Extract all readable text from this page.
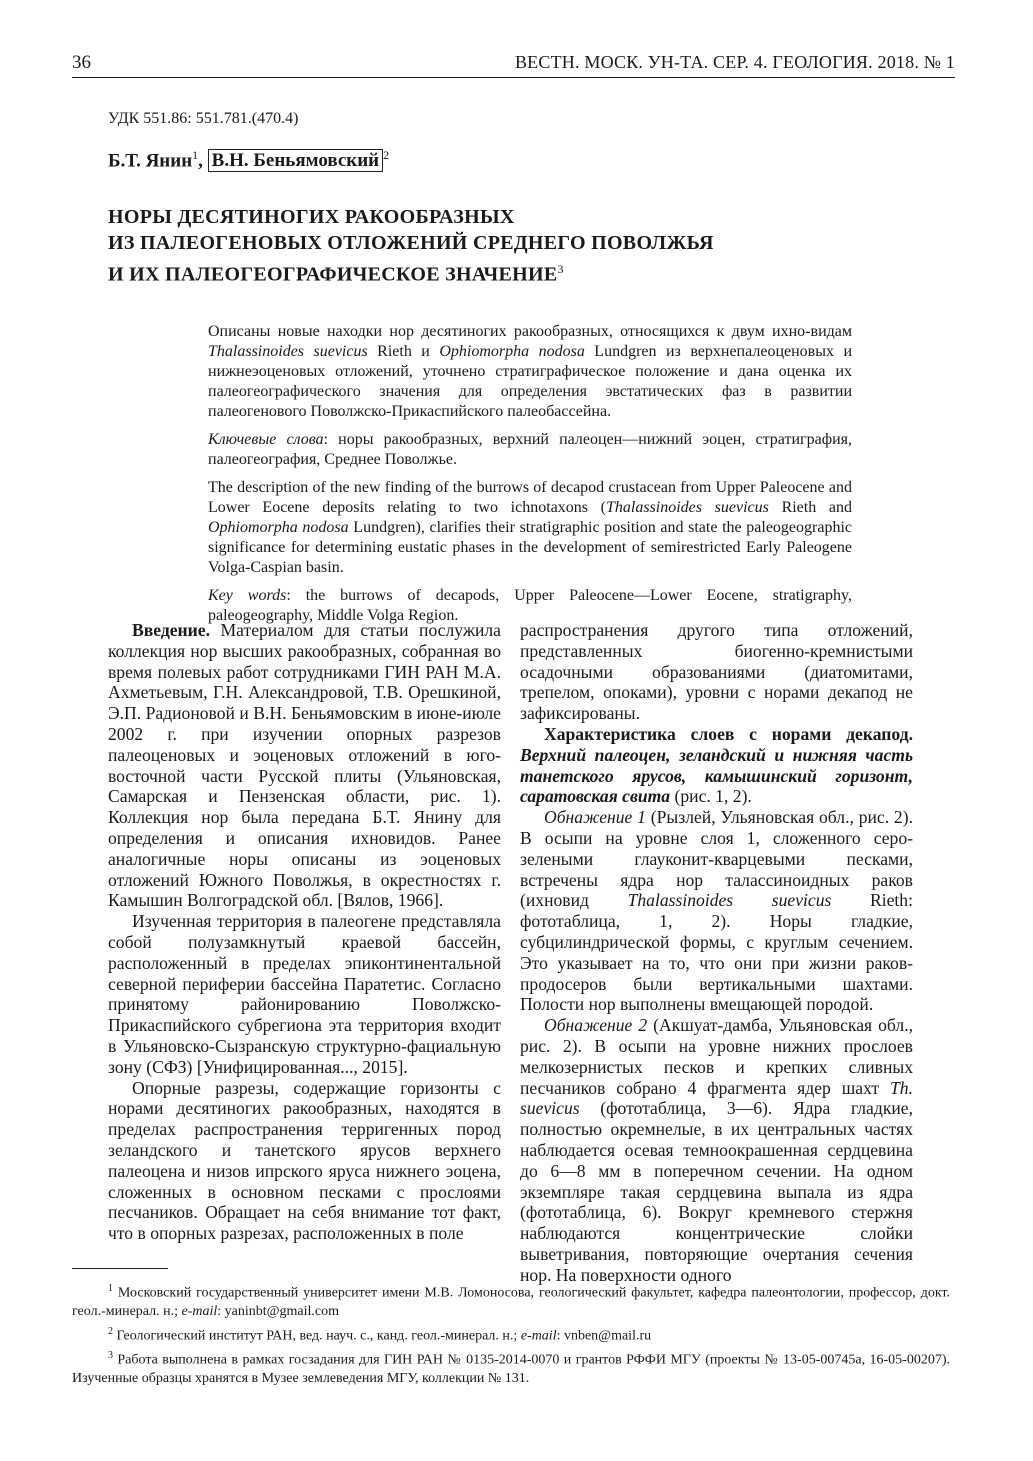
36	ВЕСТН. МОСК. УН-ТА. СЕР. 4. ГЕОЛОГИЯ. 2018. № 1
УДК 551.86: 551.781.(470.4)
Б.Т. Янин$^1$, В.Н. Беньямовский $^2$
НОРЫ ДЕСЯТИНОГИХ РАКООБРАЗНЫХ
ИЗ ПАЛЕОГЕНОВЫХ ОТЛОЖЕНИЙ СРЕДНЕГО ПОВОЛЖЬЯ
И ИХ ПАЛЕОГЕОГРАФИЧЕСКОЕ ЗНАЧЕНИЕ$^3$

Описаны новые находки нор десятиногих ракообразных, относящихся к двум ихно-видам Thalassinoides suevicus Rieth и Ophiomorpha nodosa Lundgren из верхнепалеоценовых и нижнеэоценовых отложений, уточнено стратиграфическое положение и дана оценка их палеогеографического значения для определения эвстатических фаз в развитии палеогенового Поволжско-Прикаспийского палеобассейна.

Ключевые слова: норы ракообразных, верхний палеоцен—нижний эоцен, стратиграфия, палеогеография, Среднее Поволжье.

The description of the new finding of the burrows of decapod crustacean from Upper Paleocene and Lower Eocene deposits relating to two ichnotaxons (Thalassinoides suevicus Rieth and Ophiomorpha nodosa Lundgren), clarifies their stratigraphic position and state the paleogeographic significance for determining eustatic phases in the development of semirestricted Early Paleogene Volga-Caspian basin.

Key words: the burrows of decapods, Upper Paleocene—Lower Eocene, stratigraphy, paleogeography, Middle Volga Region.

Введение. Материалом для статьи послужила коллекция нор высших ракообразных, собранная во время полевых работ сотрудниками ГИН РАН М.А. Ахметьевым, Г.Н. Александровой, Т.В. Орешкиной, Э.П. Радионовой и В.Н. Беньямовским в июне-июле 2002 г. при изучении опорных разрезов палеоценовых и эоценовых отложений в юго-восточной части Русской плиты (Ульяновская, Самарская и Пензенская области, рис. 1). Коллекция нор была передана Б.Т. Янину для определения и описания ихновидов. Ранее аналогичные норы описаны из эоценовых отложений Южного Поволжья, в окрестностях г. Камышин Волгоградской обл. [Вялов, 1966].

Изученная территория в палеогене представляла собой полузамкнутый краевой бассейн, расположенный в пределах эпиконтинентальной северной периферии бассейна Паратетис. Согласно принятому районированию Поволжско-Прикаспийского субрегиона эта территория входит в Ульяновско-Сызранскую структурно-фациальную зону (СФЗ) [Унифицированная..., 2015].

Опорные разрезы, содержащие горизонты с норами десятиногих ракообразных, находятся в пределах распространения терригенных пород зеландского и танетского ярусов верхнего палеоцена и низов ипрского яруса нижнего эоцена, сложенных в основном песками с прослоями песчаников. Обращает на себя внимание тот факт, что в опорных разрезах, расположенных в поле

распространения другого типа отложений, представленных биогенно-кремнистыми осадочными образованиями (диатомитами, трепелом, опоками), уровни с норами декапод не зафиксированы.

Характеристика слоев с норами декапод. Верхний палеоцен, зеландский и нижняя часть танетского ярусов, камышинский горизонт, саратовская свита (рис. 1, 2).

Обнажение 1 (Рызлей, Ульяновская обл., рис. 2). В осыпи на уровне слоя 1, сложенного серо-зелеными глауконит-кварцевыми песками, встречены ядра нор талассиноидных раков (ихновид Thalassinoides suevicus Rieth: фототаблица, 1, 2). Норы гладкие, субцилиндрической формы, с круглым сечением. Это указывает на то, что они при жизни раков-продосеров были вертикальными шахтами. Полости нор выполнены вмещающей породой.

Обнажение 2 (Акшуат-дамба, Ульяновская обл., рис. 2). В осыпи на уровне нижних прослоев мелкозернистых песков и крепких сливных песчаников собрано 4 фрагмента ядер шахт Th. suevicus (фототаблица, 3—6). Ядра гладкие, полностью окремнелые, в их центральных частях наблюдается осевая темноокрашенная сердцевина до 6—8 мм в поперечном сечении. На одном экземпляре такая сердцевина выпала из ядра (фототаблица, 6). Вокруг кремневого стержня наблюдаются концентрические слойки выветривания, повторяющие очертания сечения нор. На поверхности одного

$^1$ Московский государственный университет имени М.В. Ломоносова, геологический факультет, кафедра палеонтологии, профессор, докт. геол.-минерал. н.; e-mail: yaninbt@gmail.com

$^2$ Геологический институт РАН, вед. науч. с., канд. геол.-минерал. н.; e-mail: vnben@mail.ru

$^3$ Работа выполнена в рамках госзадания для ГИН РАН № 0135-2014-0070 и грантов РФФИ МГУ (проекты № 13-05-00745а, 16-05-00207). Изученные образцы хранятся в Музее землеведения МГУ, коллекции № 131.
